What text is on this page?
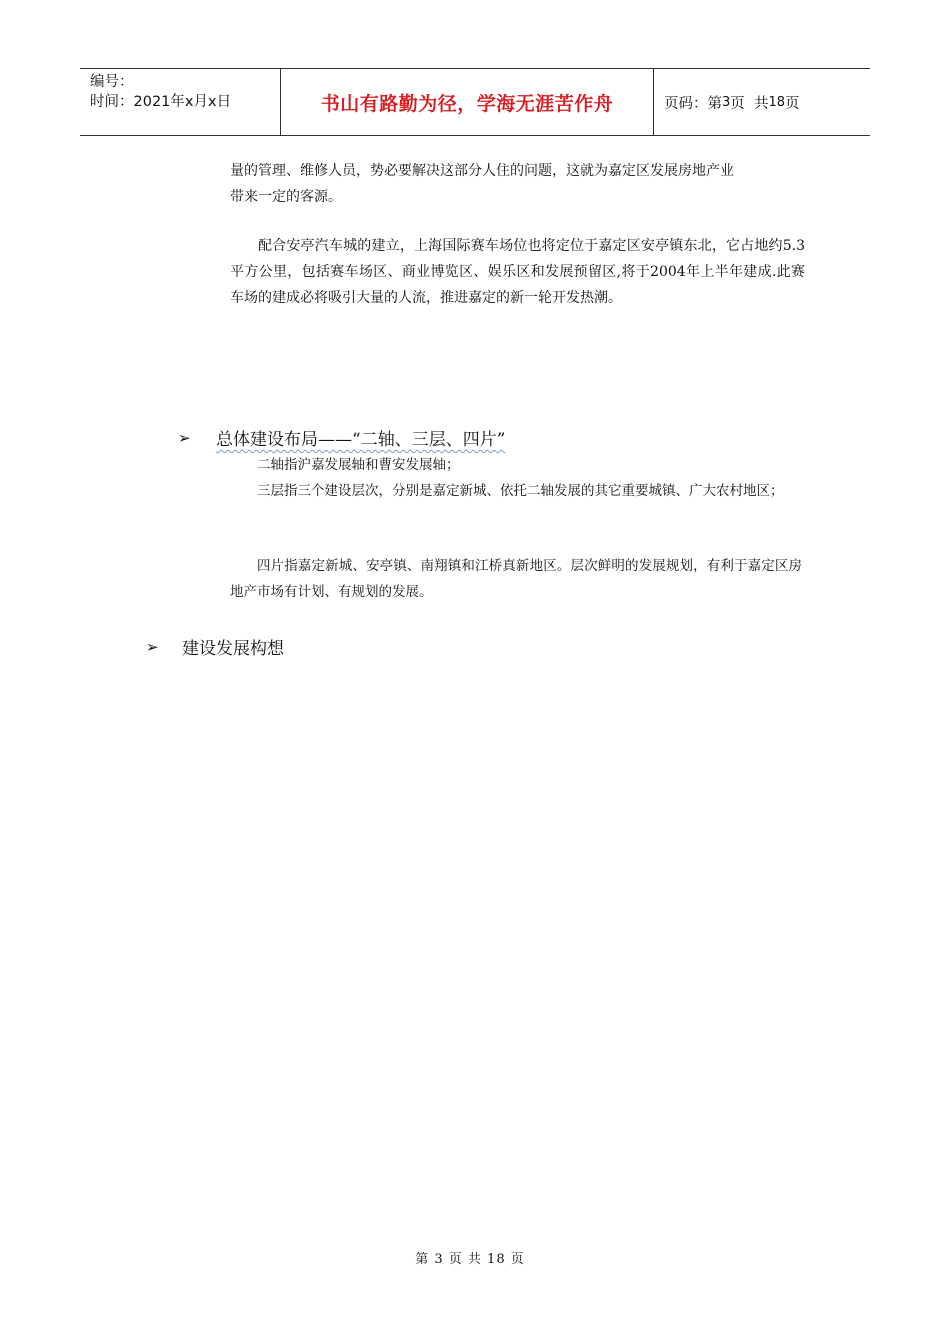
编号：
时间：2021年x月x日	书山有路勤为径，学海无涯苦作舟	页码：第 3 页  共 18 页
量的管理、维修人员，势必要解决这部分人住的问题，这就为嘉定区发展房地产业
带来一定的客源。
配合安亭汽车城的建立，上海国际赛车场位也将定位于嘉定区安亭镇东北，它占地约5.3平方公里，包括赛车场区、商业博览区、娱乐区和发展预留区,将于2004年上半年建成.此赛车场的建成必将吸引大量的人流，推进嘉定的新一轮开发热潮。
➢	总体建设布局——“二轴、三层、四片”
二轴指沪嘉发展轴和曹安发展轴；
三层指三个建设层次，分别是嘉定新城、依托二轴发展的其它重要城镇、广大农村地区；
四片指嘉定新城、安亭镇、南翔镇和江桥真新地区。层次鲜明的发展规划，有利于嘉定区房地产市场有计划、有规划的发展。
➢	建设发展构想
第 3 页 共 18 页
